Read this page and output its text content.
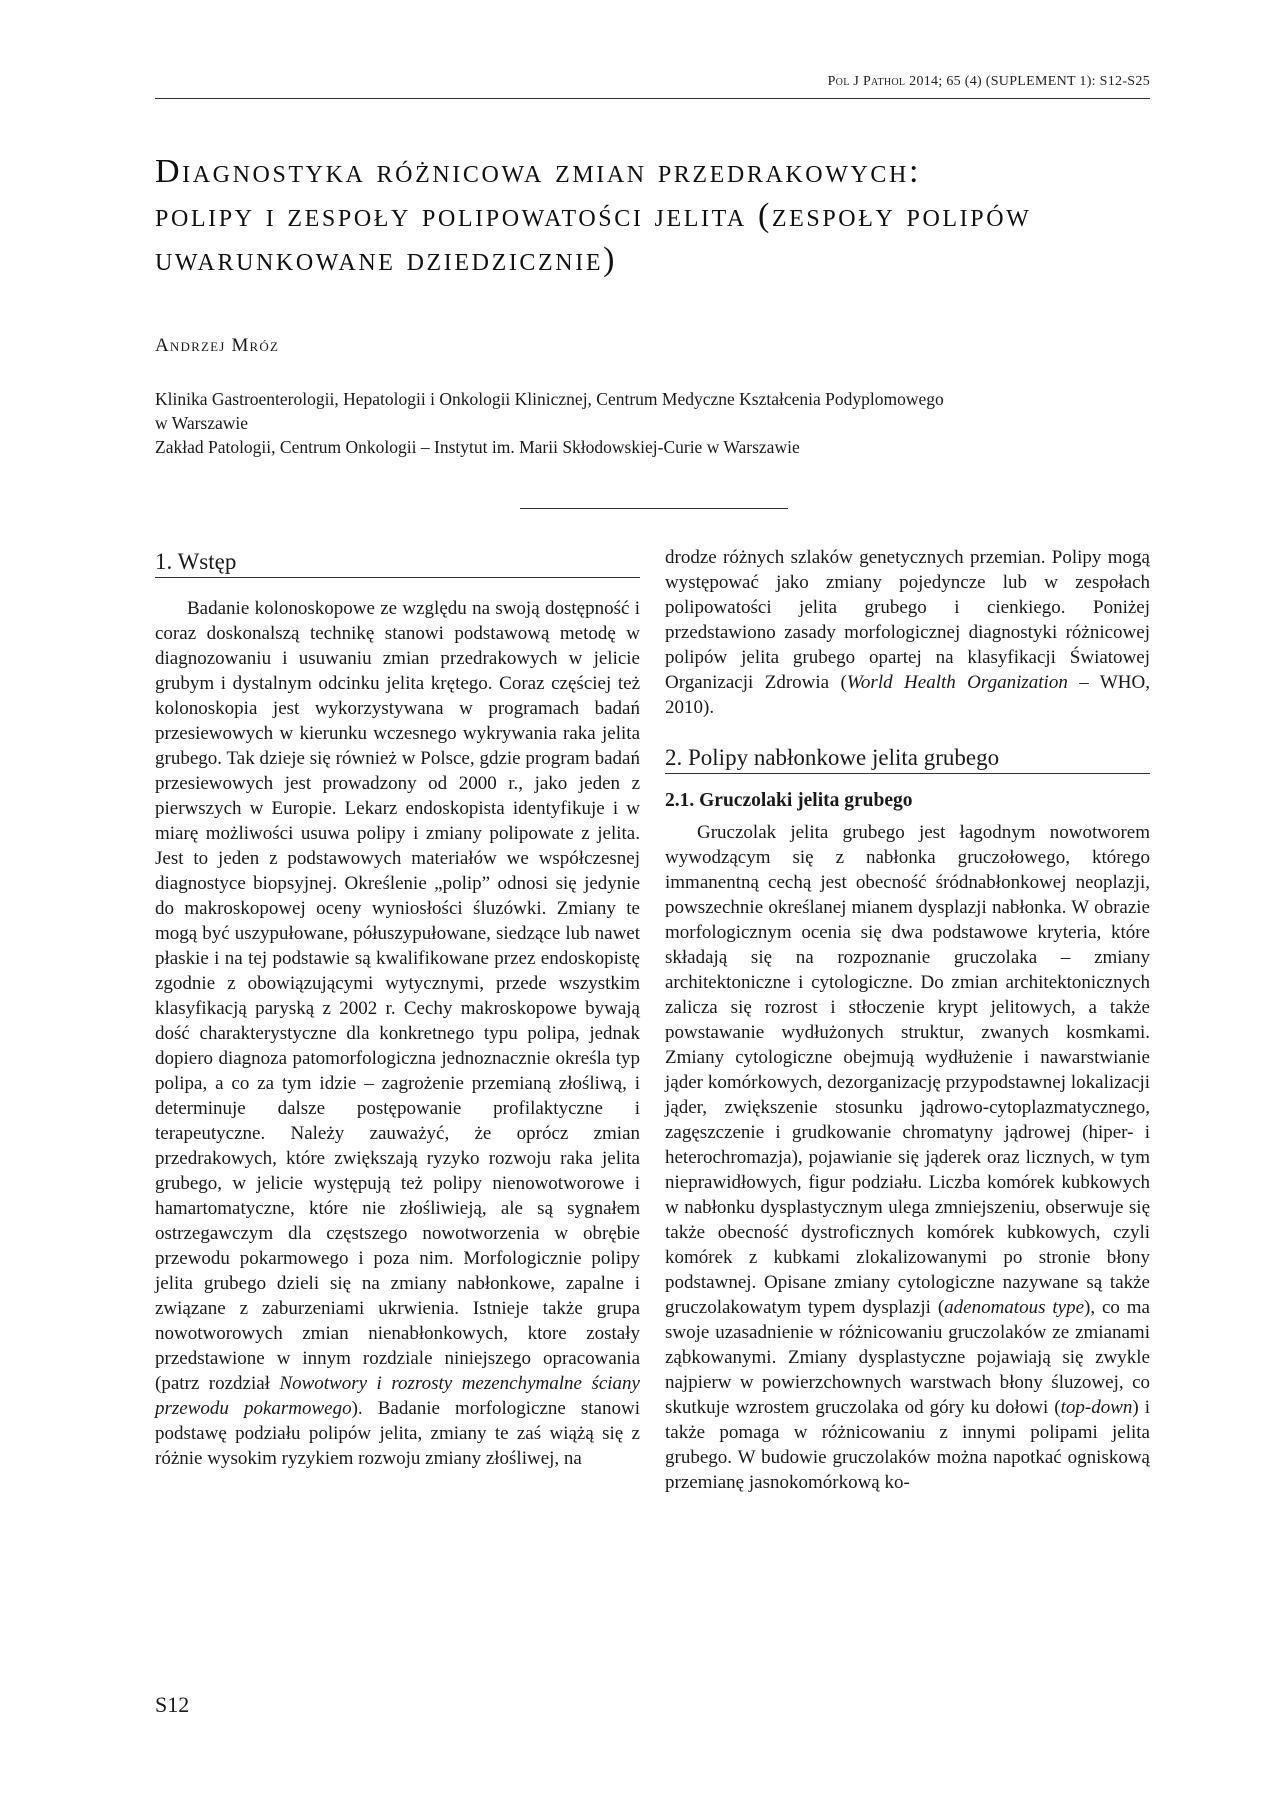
Pol J Pathol 2014; 65 (4) (SUPLEMENT 1): S12-S25
Diagnostyka różnicowa zmian przedrakowych:
polipy i zespoły polipowatości jelita (zespoły polipów
uwarunkowane dziedzicznie)

Andrzej Mróz

Klinika Gastroenterologii, Hepatologii i Onkologii Klinicznej, Centrum Medyczne Kształcenia Podyplomowego
w Warszawie
Zakład Patologii, Centrum Onkologii – Instytut im. Marii Skłodowskiej-Curie w Warszawie
1. Wstęp

Badanie kolonoskopowe ze względu na swoją dostępność i coraz doskonalszą technikę stanowi podstawową metodę w diagnozowaniu i usuwaniu zmian przedrakowych w jelicie grubym i dystalnym odcinku jelita krętego. Coraz częściej też kolonoskopia jest wykorzystywana w programach badań przesiewowych w kierunku wczesnego wykrywania raka jelita grubego. Tak dzieje się również w Polsce, gdzie program badań przesiewowych jest prowadzony od 2000 r., jako jeden z pierwszych w Europie. Lekarz endoskopista identyfikuje i w miarę możliwości usuwa polipy i zmiany polipowate z jelita. Jest to jeden z podstawowych materiałów we współczesnej diagnostyce biopsyjnej. Określenie „polip” odnosi się jedynie do makroskopowej oceny wyniosłości śluzówki. Zmiany te mogą być uszypułowane, półuszypułowane, siedzące lub nawet płaskie i na tej podstawie są kwalifikowane przez endoskopistę zgodnie z obowiązującymi wytycznymi, przede wszystkim klasyfikacją paryską z 2002 r. Cechy makroskopowe bywają dość charakterystyczne dla konkretnego typu polipa, jednak dopiero diagnoza patomorfologiczna jednoznacznie określa typ polipa, a co za tym idzie – zagrożenie przemianą złośliwą, i determinuje dalsze postępowanie profilaktyczne i terapeutyczne. Należy zauważyć, że oprócz zmian przedrakowych, które zwiększają ryzyko rozwoju raka jelita grubego, w jelicie występują też polipy nienowotworowe i hamartomatyczne, które nie złośliwieją, ale są sygnałem ostrzegawczym dla częstszego nowotworzenia w obrębie przewodu pokarmowego i poza nim. Morfologicznie polipy jelita grubego dzieli się na zmiany nabłonkowe, zapalne i związane z zaburzeniami ukrwienia. Istnieje także grupa nowotworowych zmian nienabłonkowych, ktore zostały przedstawione w innym rozdziale niniejszego opracowania (patrz rozdział Nowotwory i rozrosty mezenchymalne ściany przewodu pokarmowego). Badanie morfologiczne stanowi podstawę podziału polipów jelita, zmiany te zaś wiążą się z różnie wysokim ryzykiem rozwoju zmiany złośliwej, na

drodze różnych szlaków genetycznych przemian. Polipy mogą występować jako zmiany pojedyncze lub w zespołach polipowatości jelita grubego i cienkiego. Poniżej przedstawiono zasady morfologicznej diagnostyki różnicowej polipów jelita grubego opartej na klasyfikacji Światowej Organizacji Zdrowia (World Health Organization – WHO, 2010).

2. Polipy nabłonkowe jelita grubego
2.1. Gruczolaki jelita grubego

Gruczolak jelita grubego jest łagodnym nowotworem wywodzącym się z nabłonka gruczołowego, którego immanentną cechą jest obecność śródnabłonkowej neoplazji, powszechnie określanej mianem dysplazji nabłonka. W obrazie morfologicznym ocenia się dwa podstawowe kryteria, które składają się na rozpoznanie gruczolaka – zmiany architektoniczne i cytologiczne. Do zmian architektonicznych zalicza się rozrost i stłoczenie krypt jelitowych, a także powstawanie wydłużonych struktur, zwanych kosmkami. Zmiany cytologiczne obejmują wydłużenie i nawarstwianie jąder komórkowych, dezorganizację przypodstawnej lokalizacji jąder, zwiększenie stosunku jądrowo-cytoplazmatycznego, zagęszczenie i grudkowanie chromatyny jądrowej (hiper- i heterochromazja), pojawianie się jąderek oraz licznych, w tym nieprawidłowych, figur podziału. Liczba komórek kubkowych w nabłonku dysplastycznym ulega zmniejszeniu, obserwuje się także obecność dystroficznych komórek kubkowych, czyli komórek z kubkami zlokalizowanymi po stronie błony podstawnej. Opisane zmiany cytologiczne nazywane są także gruczolakowatym typem dysplazji (adenomatous type), co ma swoje uzasadnienie w różnicowaniu gruczolaków ze zmianami ząbkowanymi. Zmiany dysplastyczne pojawiają się zwykle najpierw w powierzchownych warstwach błony śluzowej, co skutkuje wzrostem gruczolaka od góry ku dołowi (top-down) i także pomaga w różnicowaniu z innymi polipami jelita grubego. W budowie gruczolaków można napotkać ogniskową przemianę jasnokomórkową ko-

S12
